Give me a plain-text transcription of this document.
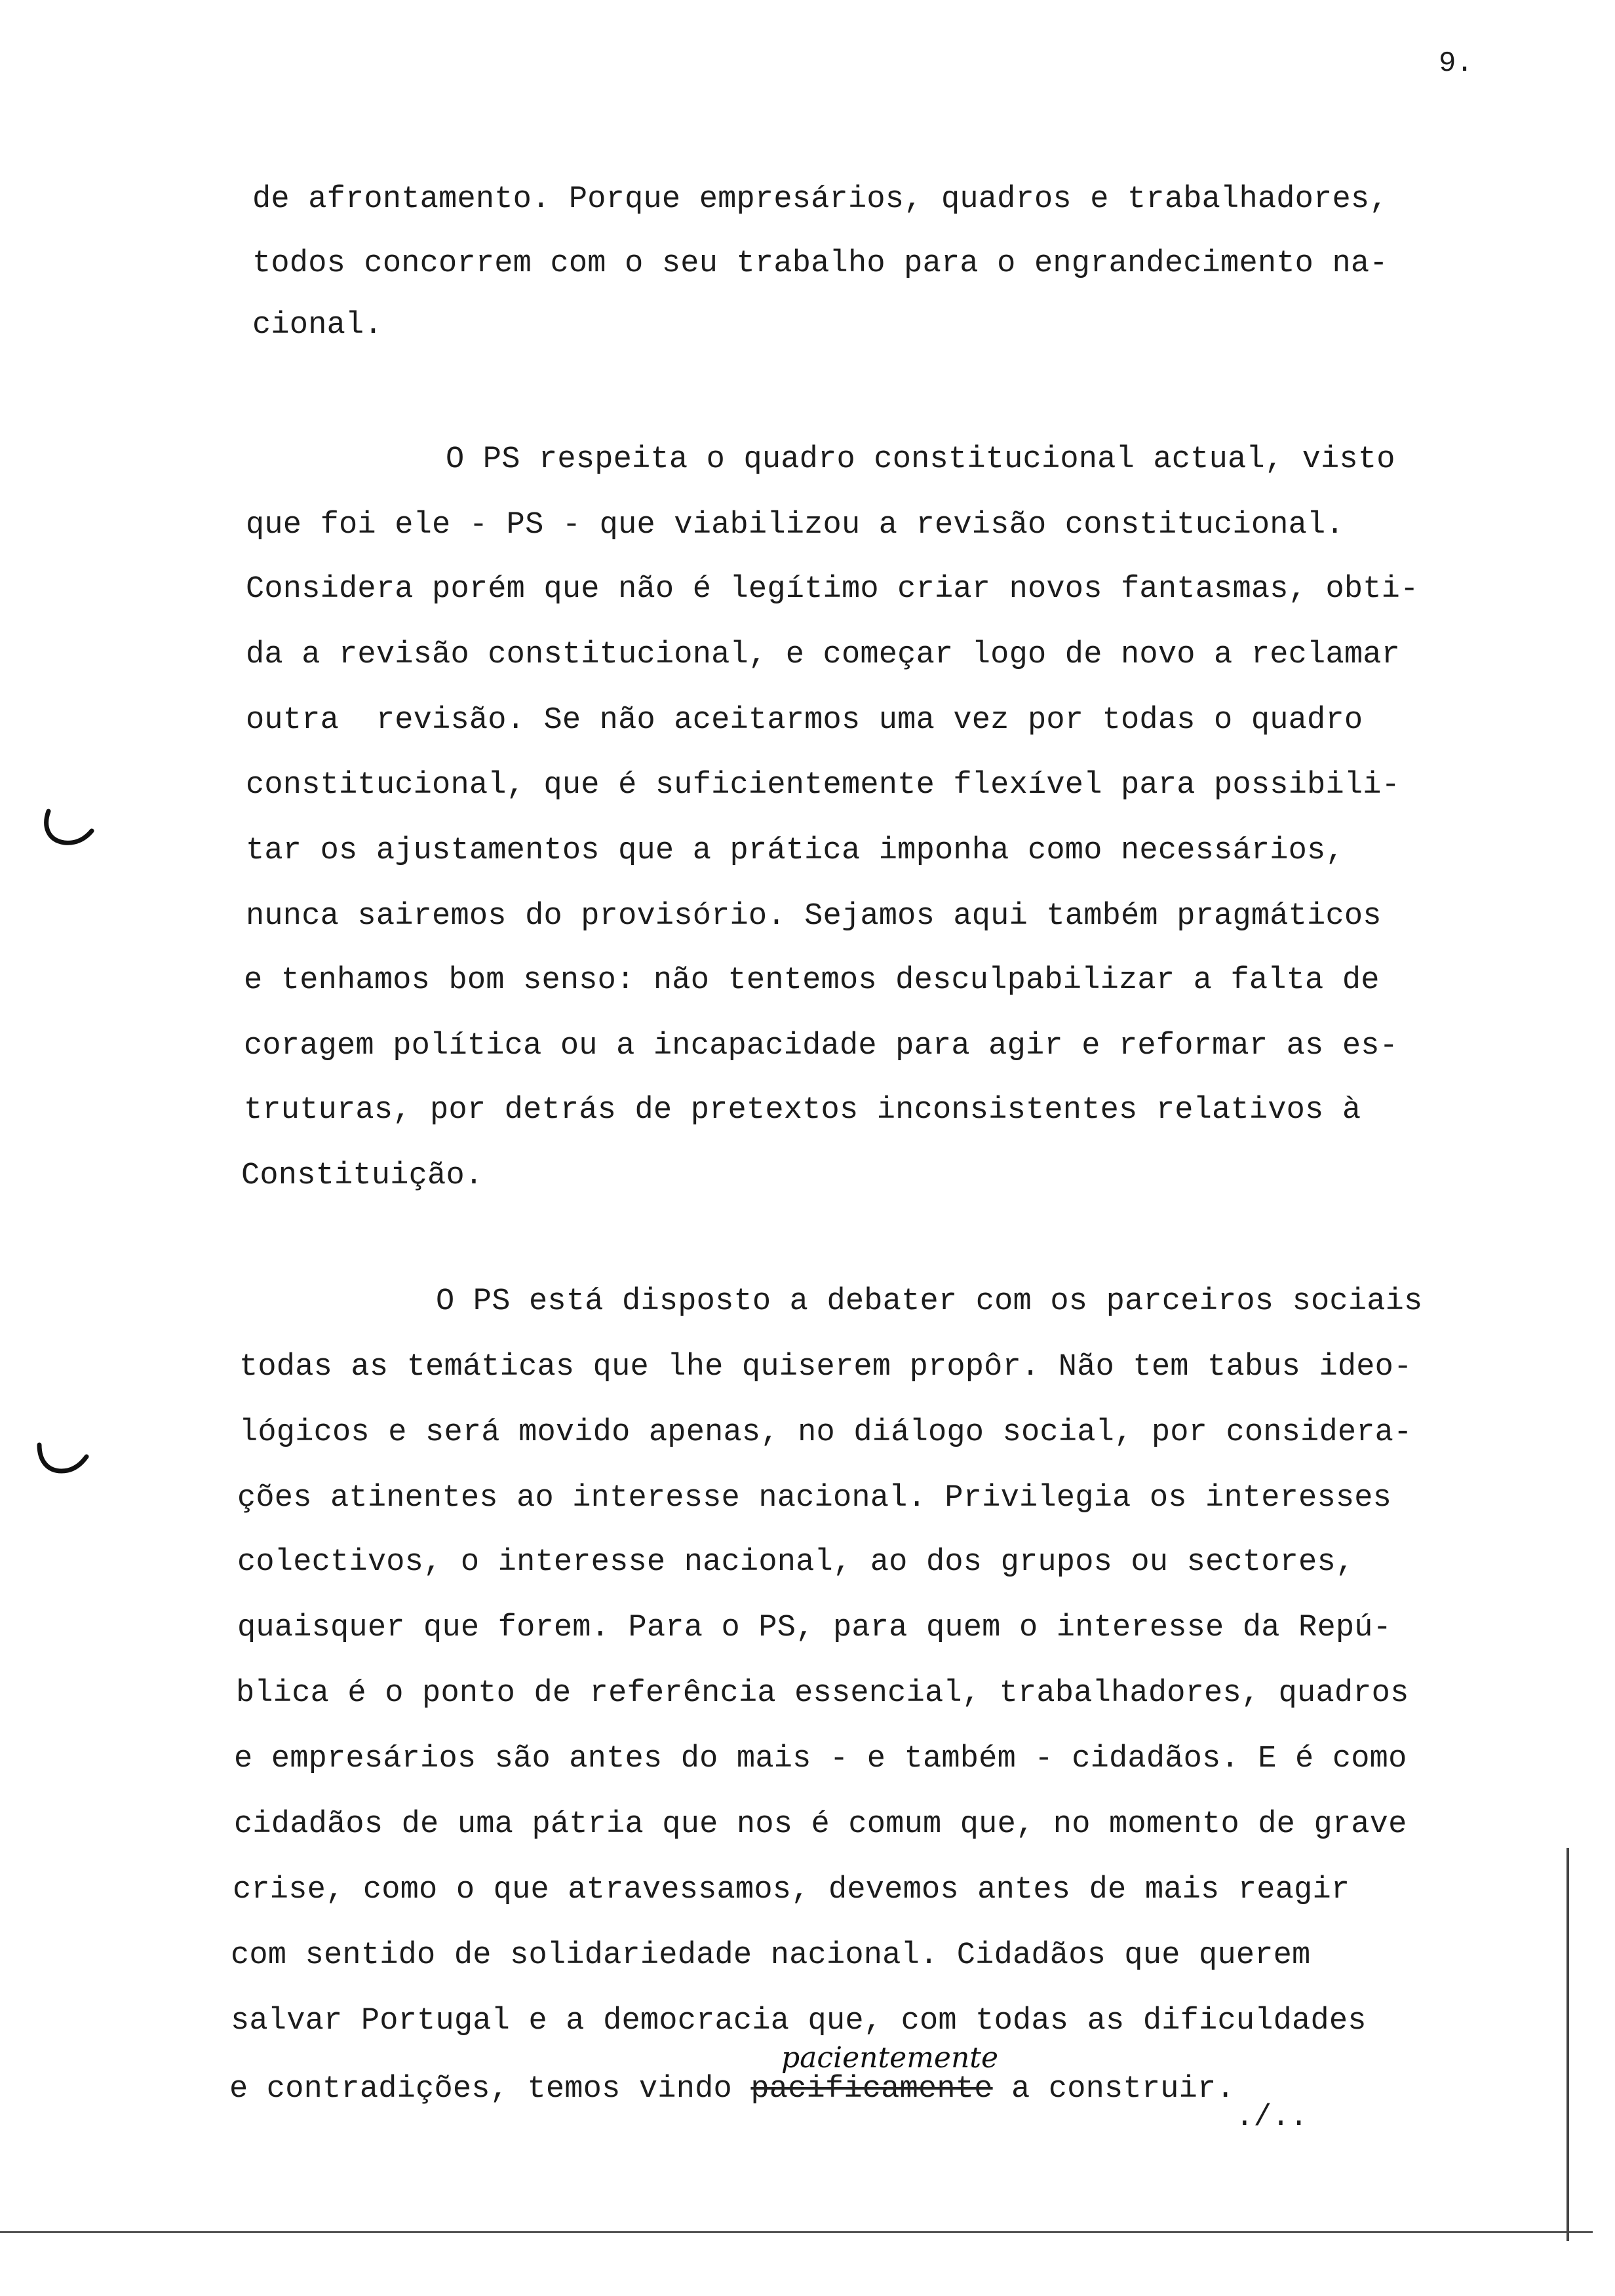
9.
de afrontamento. Porque empresários, quadros e trabalhadores,
todos concorrem com o seu trabalho para o engrandecimento na-
cional.
O PS respeita o quadro constitucional actual, visto
que foi ele - PS - que viabilizou a revisão constitucional.
Considera porém que não é legítimo criar novos fantasmas, obti-
da a revisão constitucional, e começar logo de novo a reclamar
outra  revisão. Se não aceitarmos uma vez por todas o quadro
constitucional, que é suficientemente flexível para possibili-
tar os ajustamentos que a prática imponha como necessários,
nunca sairemos do provisório. Sejamos aqui também pragmáticos
e tenhamos bom senso: não tentemos desculpabilizar a falta de
coragem política ou a incapacidade para agir e reformar as es-
truturas, por detrás de pretextos inconsistentes relativos à
Constituição.
O PS está disposto a debater com os parceiros sociais
todas as temáticas que lhe quiserem propôr. Não tem tabus ideo-
lógicos e será movido apenas, no diálogo social, por considera-
ções atinentes ao interesse nacional. Privilegia os interesses
colectivos, o interesse nacional, ao dos grupos ou sectores,
quaisquer que forem. Para o PS, para quem o interesse da Repú-
blica é o ponto de referência essencial, trabalhadores, quadros
e empresários são antes do mais - e também - cidadãos. E é como
cidadãos de uma pátria que nos é comum que, no momento de grave
crise, como o que atravessamos, devemos antes de mais reagir
com sentido de solidariedade nacional. Cidadãos que querem
salvar Portugal e a democracia que, com todas as dificuldades
e contradições, temos vindo pacificamente a construir.
pacientemente
./..
